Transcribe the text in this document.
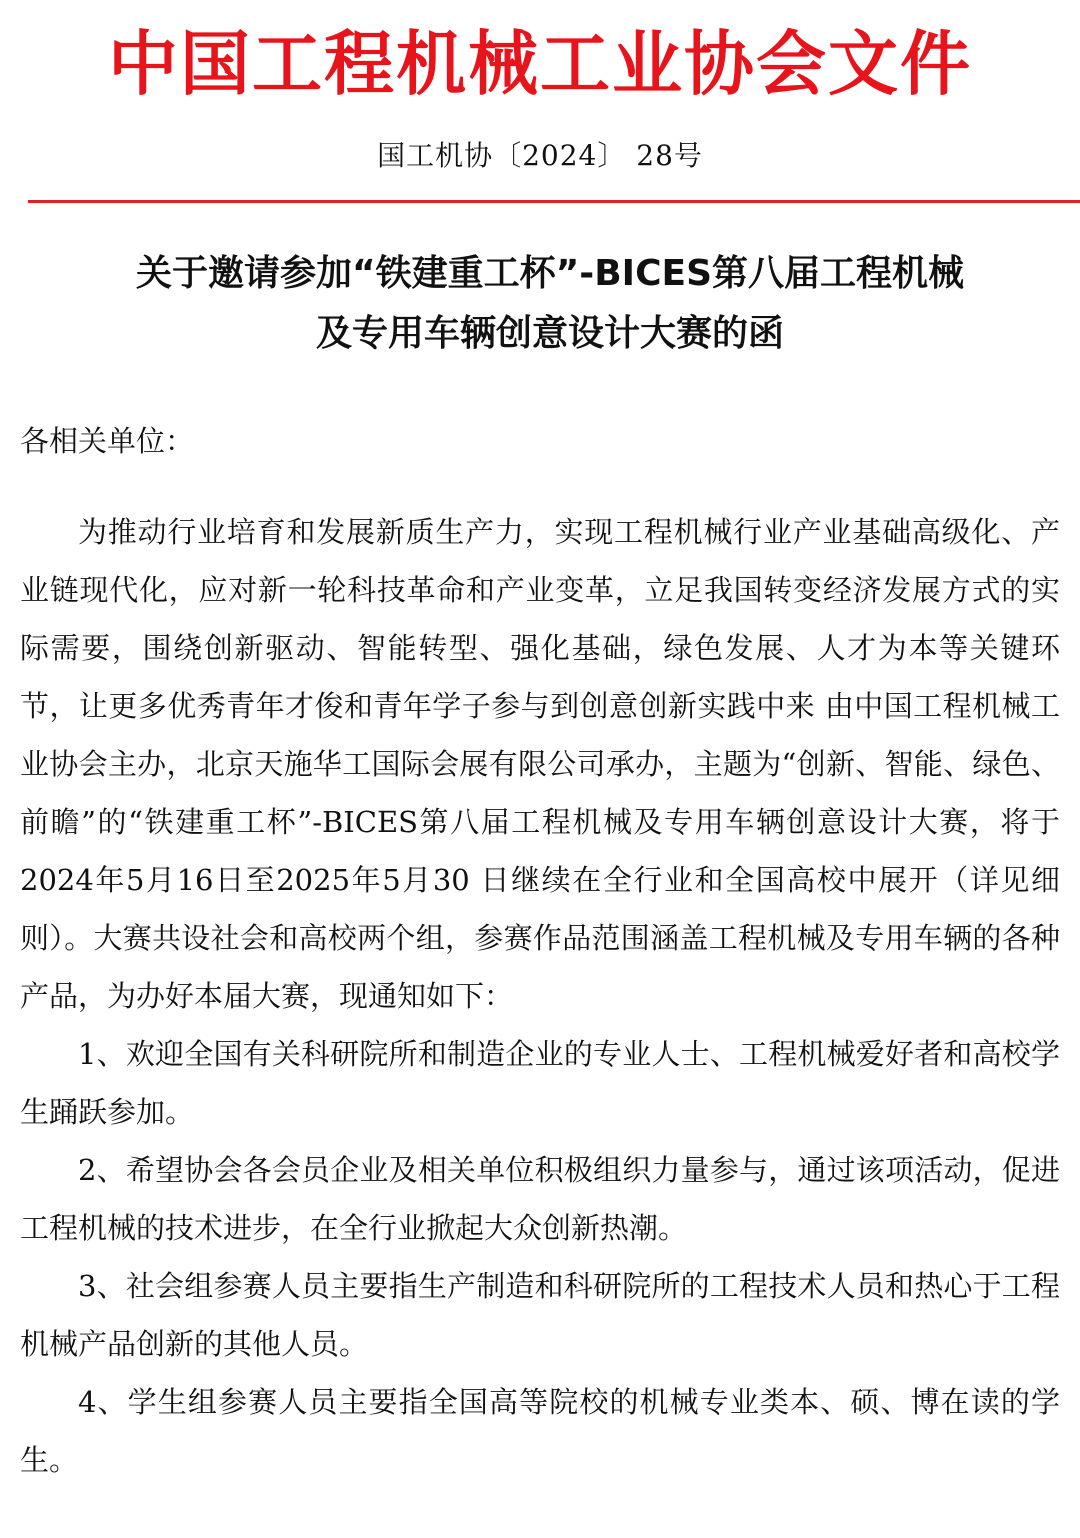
中国工程机械工业协会文件
国工机协〔2024〕 28号
关于邀请参加“铁建重工杯”-BICES第八届工程机械
及专用车辆创意设计大赛的函

各相关单位：

为推动行业培育和发展新质生产力，实现工程机械行业产业基础高级化、产业链现代化，应对新一轮科技革命和产业变革，立足我国转变经济发展方式的实际需要，围绕创新驱动、智能转型、强化基础，绿色发展、人才为本等关键环节，让更多优秀青年才俊和青年学子参与到创意创新实践中来 由中国工程机械工业协会主办，北京天施华工国际会展有限公司承办，主题为“创新、智能、绿色、前瞻”的“铁建重工杯”-BICES第八届工程机械及专用车辆创意设计大赛，将于2024年5月16日至2025年5月30 日继续在全行业和全国高校中展开（详见细则）。大赛共设社会和高校两个组，参赛作品范围涵盖工程机械及专用车辆的各种产品，为办好本届大赛，现通知如下：

1、欢迎全国有关科研院所和制造企业的专业人士、工程机械爱好者和高校学生踊跃参加。

2、希望协会各会员企业及相关单位积极组织力量参与，通过该项活动，促进工程机械的技术进步，在全行业掀起大众创新热潮。

3、社会组参赛人员主要指生产制造和科研院所的工程技术人员和热心于工程机械产品创新的其他人员。

4、学生组参赛人员主要指全国高等院校的机械专业类本、硕、博在读的学生。
